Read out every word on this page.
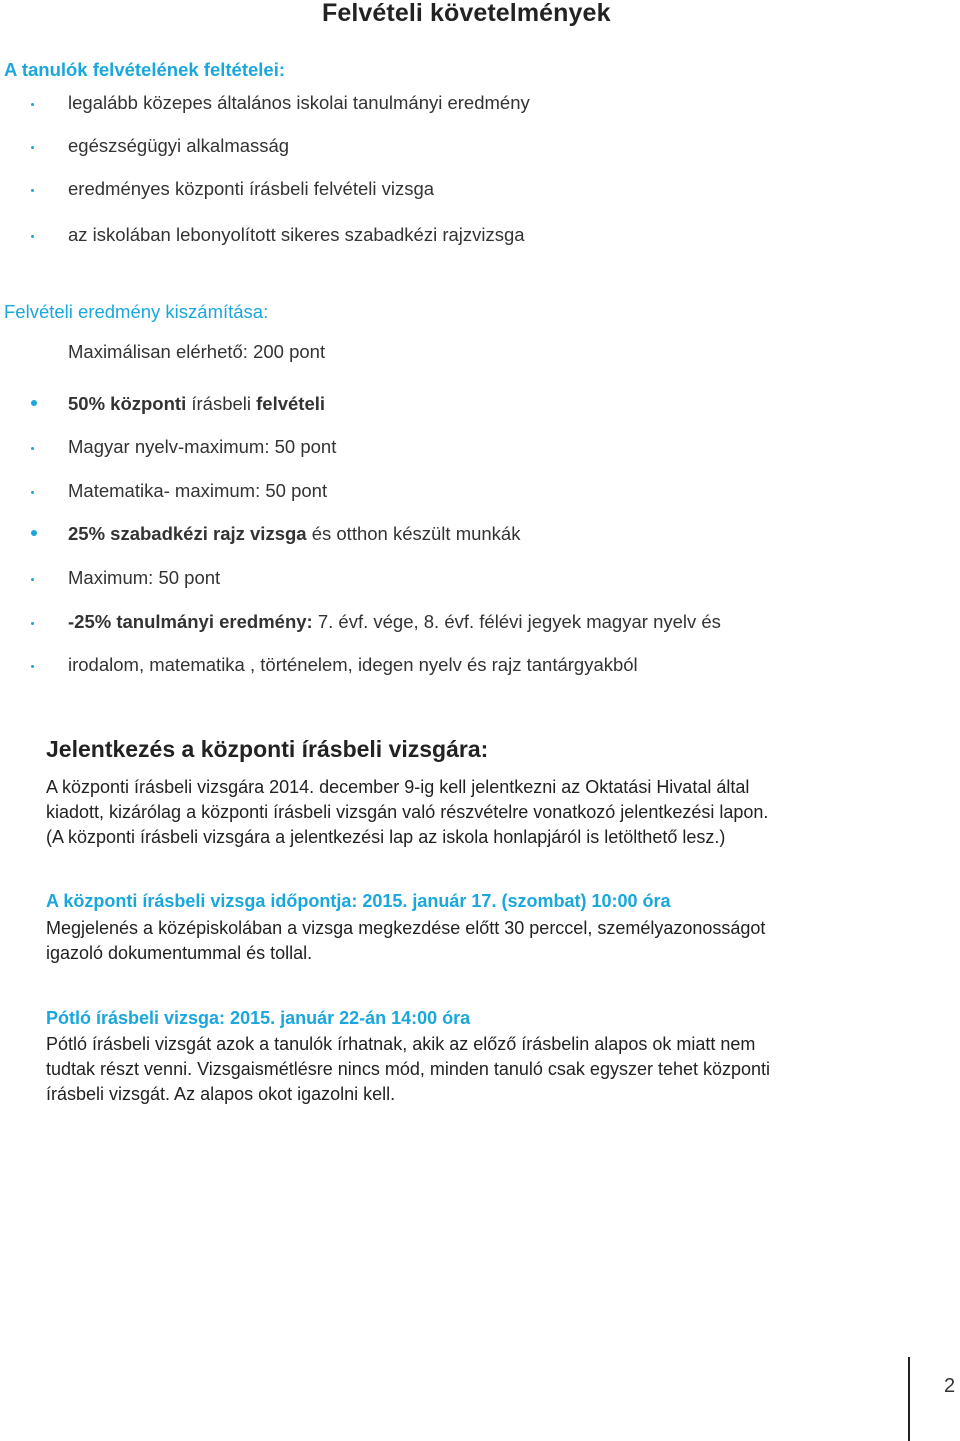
Felvételi követelmények
A tanulók felvételének feltételei:
legalább közepes általános iskolai tanulmányi eredmény
egészségügyi alkalmasság
eredményes központi írásbeli felvételi vizsga
az iskolában lebonyolított sikeres szabadkézi rajzvizsga
Felvételi eredmény kiszámítása:
Maximálisan elérhető: 200 pont
50% központi írásbeli felvételi
Magyar nyelv-maximum: 50 pont
Matematika- maximum: 50 pont
25% szabadkézi rajz vizsga és otthon készült munkák
Maximum: 50 pont
-25% tanulmányi eredmény: 7. évf. vége, 8. évf. félévi jegyek magyar nyelv és
irodalom, matematika , történelem, idegen nyelv és rajz tantárgyakból
Jelentkezés a központi írásbeli vizsgára:
A központi írásbeli vizsgára 2014. december 9-ig kell jelentkezni az Oktatási Hivatal által
kiadott, kizárólag a központi írásbeli vizsgán való részvételre vonatkozó jelentkezési lapon.
(A központi írásbeli vizsgára a jelentkezési lap az iskola honlapjáról is letölthető lesz.)
A központi írásbeli vizsga időpontja: 2015. január 17. (szombat) 10:00 óra
Megjelenés a középiskolában a vizsga megkezdése előtt 30 perccel, személyazonosságot
igazoló dokumentummal és tollal.
Pótló írásbeli vizsga: 2015. január 22-án 14:00 óra
Pótló írásbeli vizsgát azok a tanulók írhatnak, akik az előző írásbelin alapos ok miatt nem
tudtak részt venni. Vizsgaismétlésre nincs mód, minden tanuló csak egyszer tehet központi
írásbeli vizsgát. Az alapos okot igazolni kell.
2
